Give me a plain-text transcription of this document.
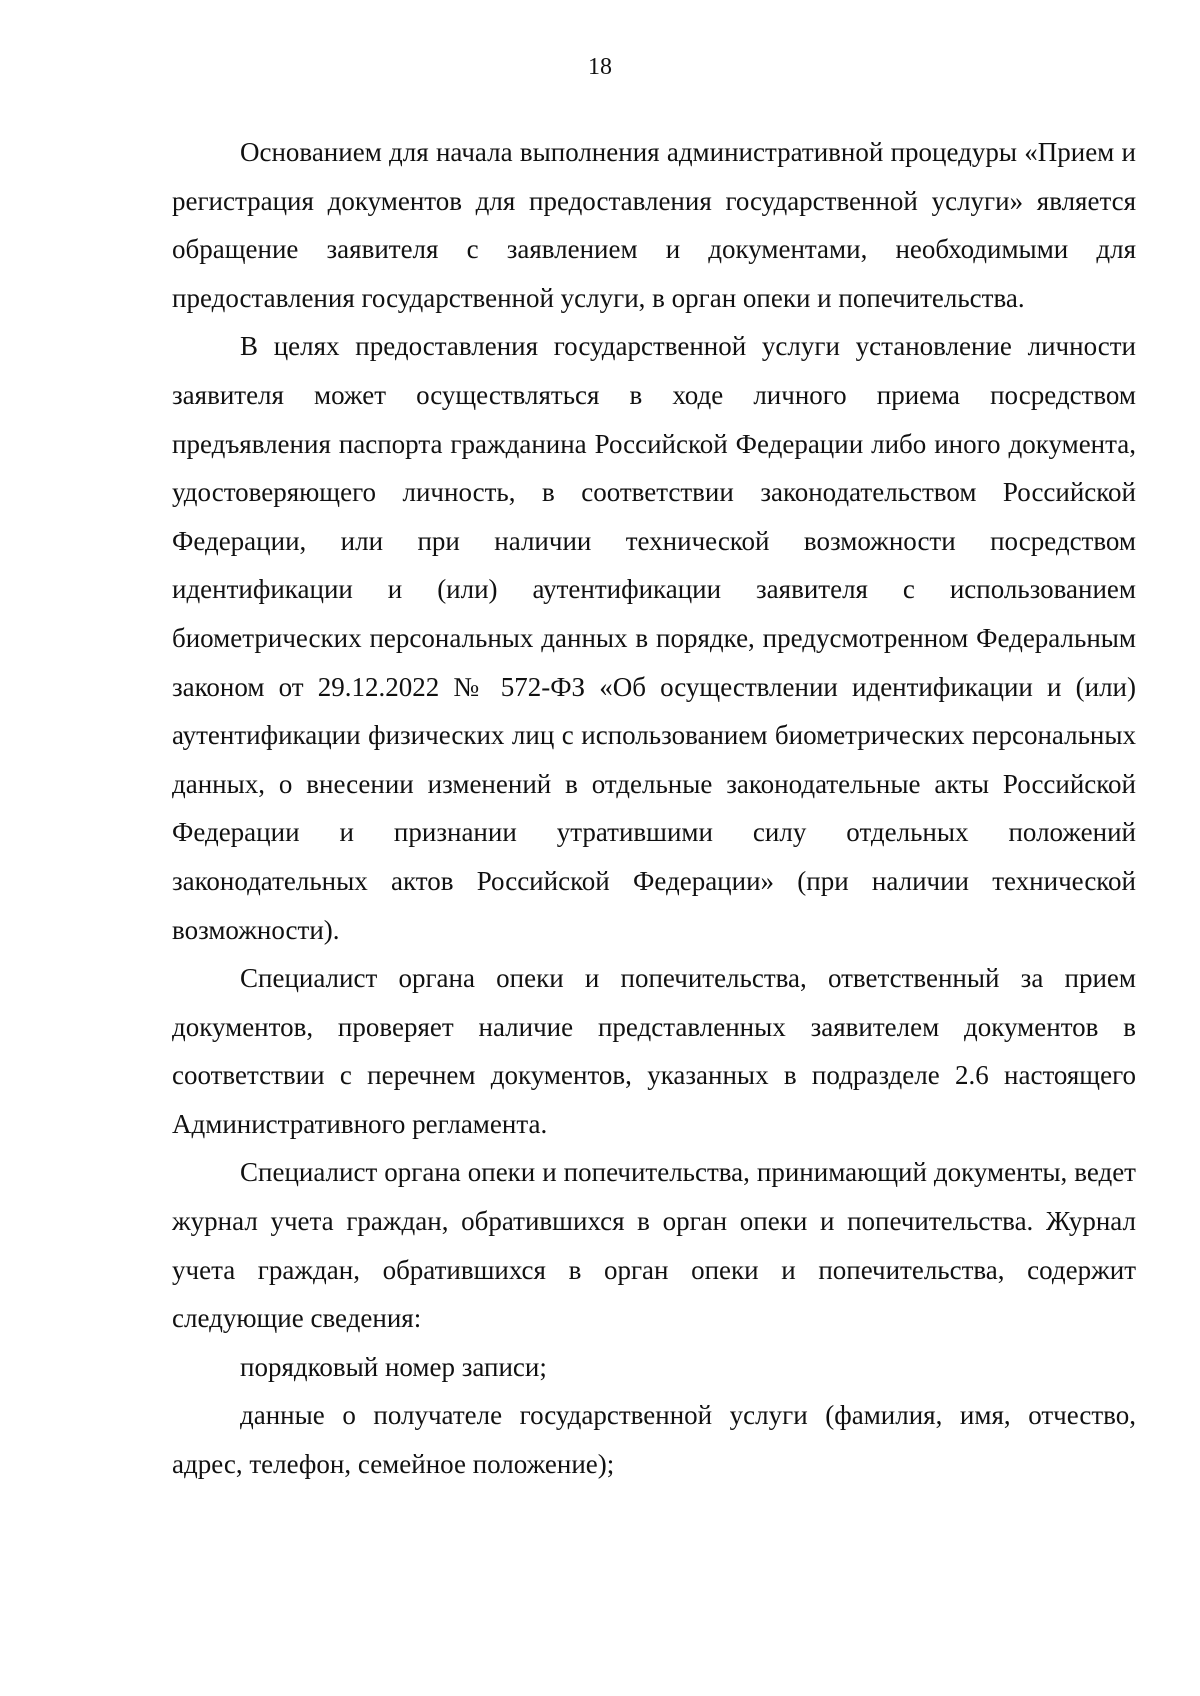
18

Основанием для начала выполнения административной процедуры «Прием и регистрация документов для предоставления государственной услуги» является обращение заявителя с заявлением и документами, необходимыми для предоставления государственной услуги, в орган опеки и попечительства.

В целях предоставления государственной услуги установление личности заявителя может осуществляться в ходе личного приема посредством предъявления паспорта гражданина Российской Федерации либо иного документа, удостоверяющего личность, в соответствии законодательством Российской Федерации, или при наличии технической возможности посредством идентификации и (или) аутентификации заявителя с использованием биометрических персональных данных в порядке, предусмотренном Федеральным законом от 29.12.2022 № 572-ФЗ «Об осуществлении идентификации и (или) аутентификации физических лиц с использованием биометрических персональных данных, о внесении изменений в отдельные законодательные акты Российской Федерации и признании утратившими силу отдельных положений законодательных актов Российской Федерации» (при наличии технической возможности).

Специалист органа опеки и попечительства, ответственный за прием документов, проверяет наличие представленных заявителем документов в соответствии с перечнем документов, указанных в подразделе 2.6 настоящего Административного регламента.

Специалист органа опеки и попечительства, принимающий документы, ведет журнал учета граждан, обратившихся в орган опеки и попечительства. Журнал учета граждан, обратившихся в орган опеки и попечительства, содержит следующие сведения:

порядковый номер записи;

данные о получателе государственной услуги (фамилия, имя, отчество, адрес, телефон, семейное положение);
